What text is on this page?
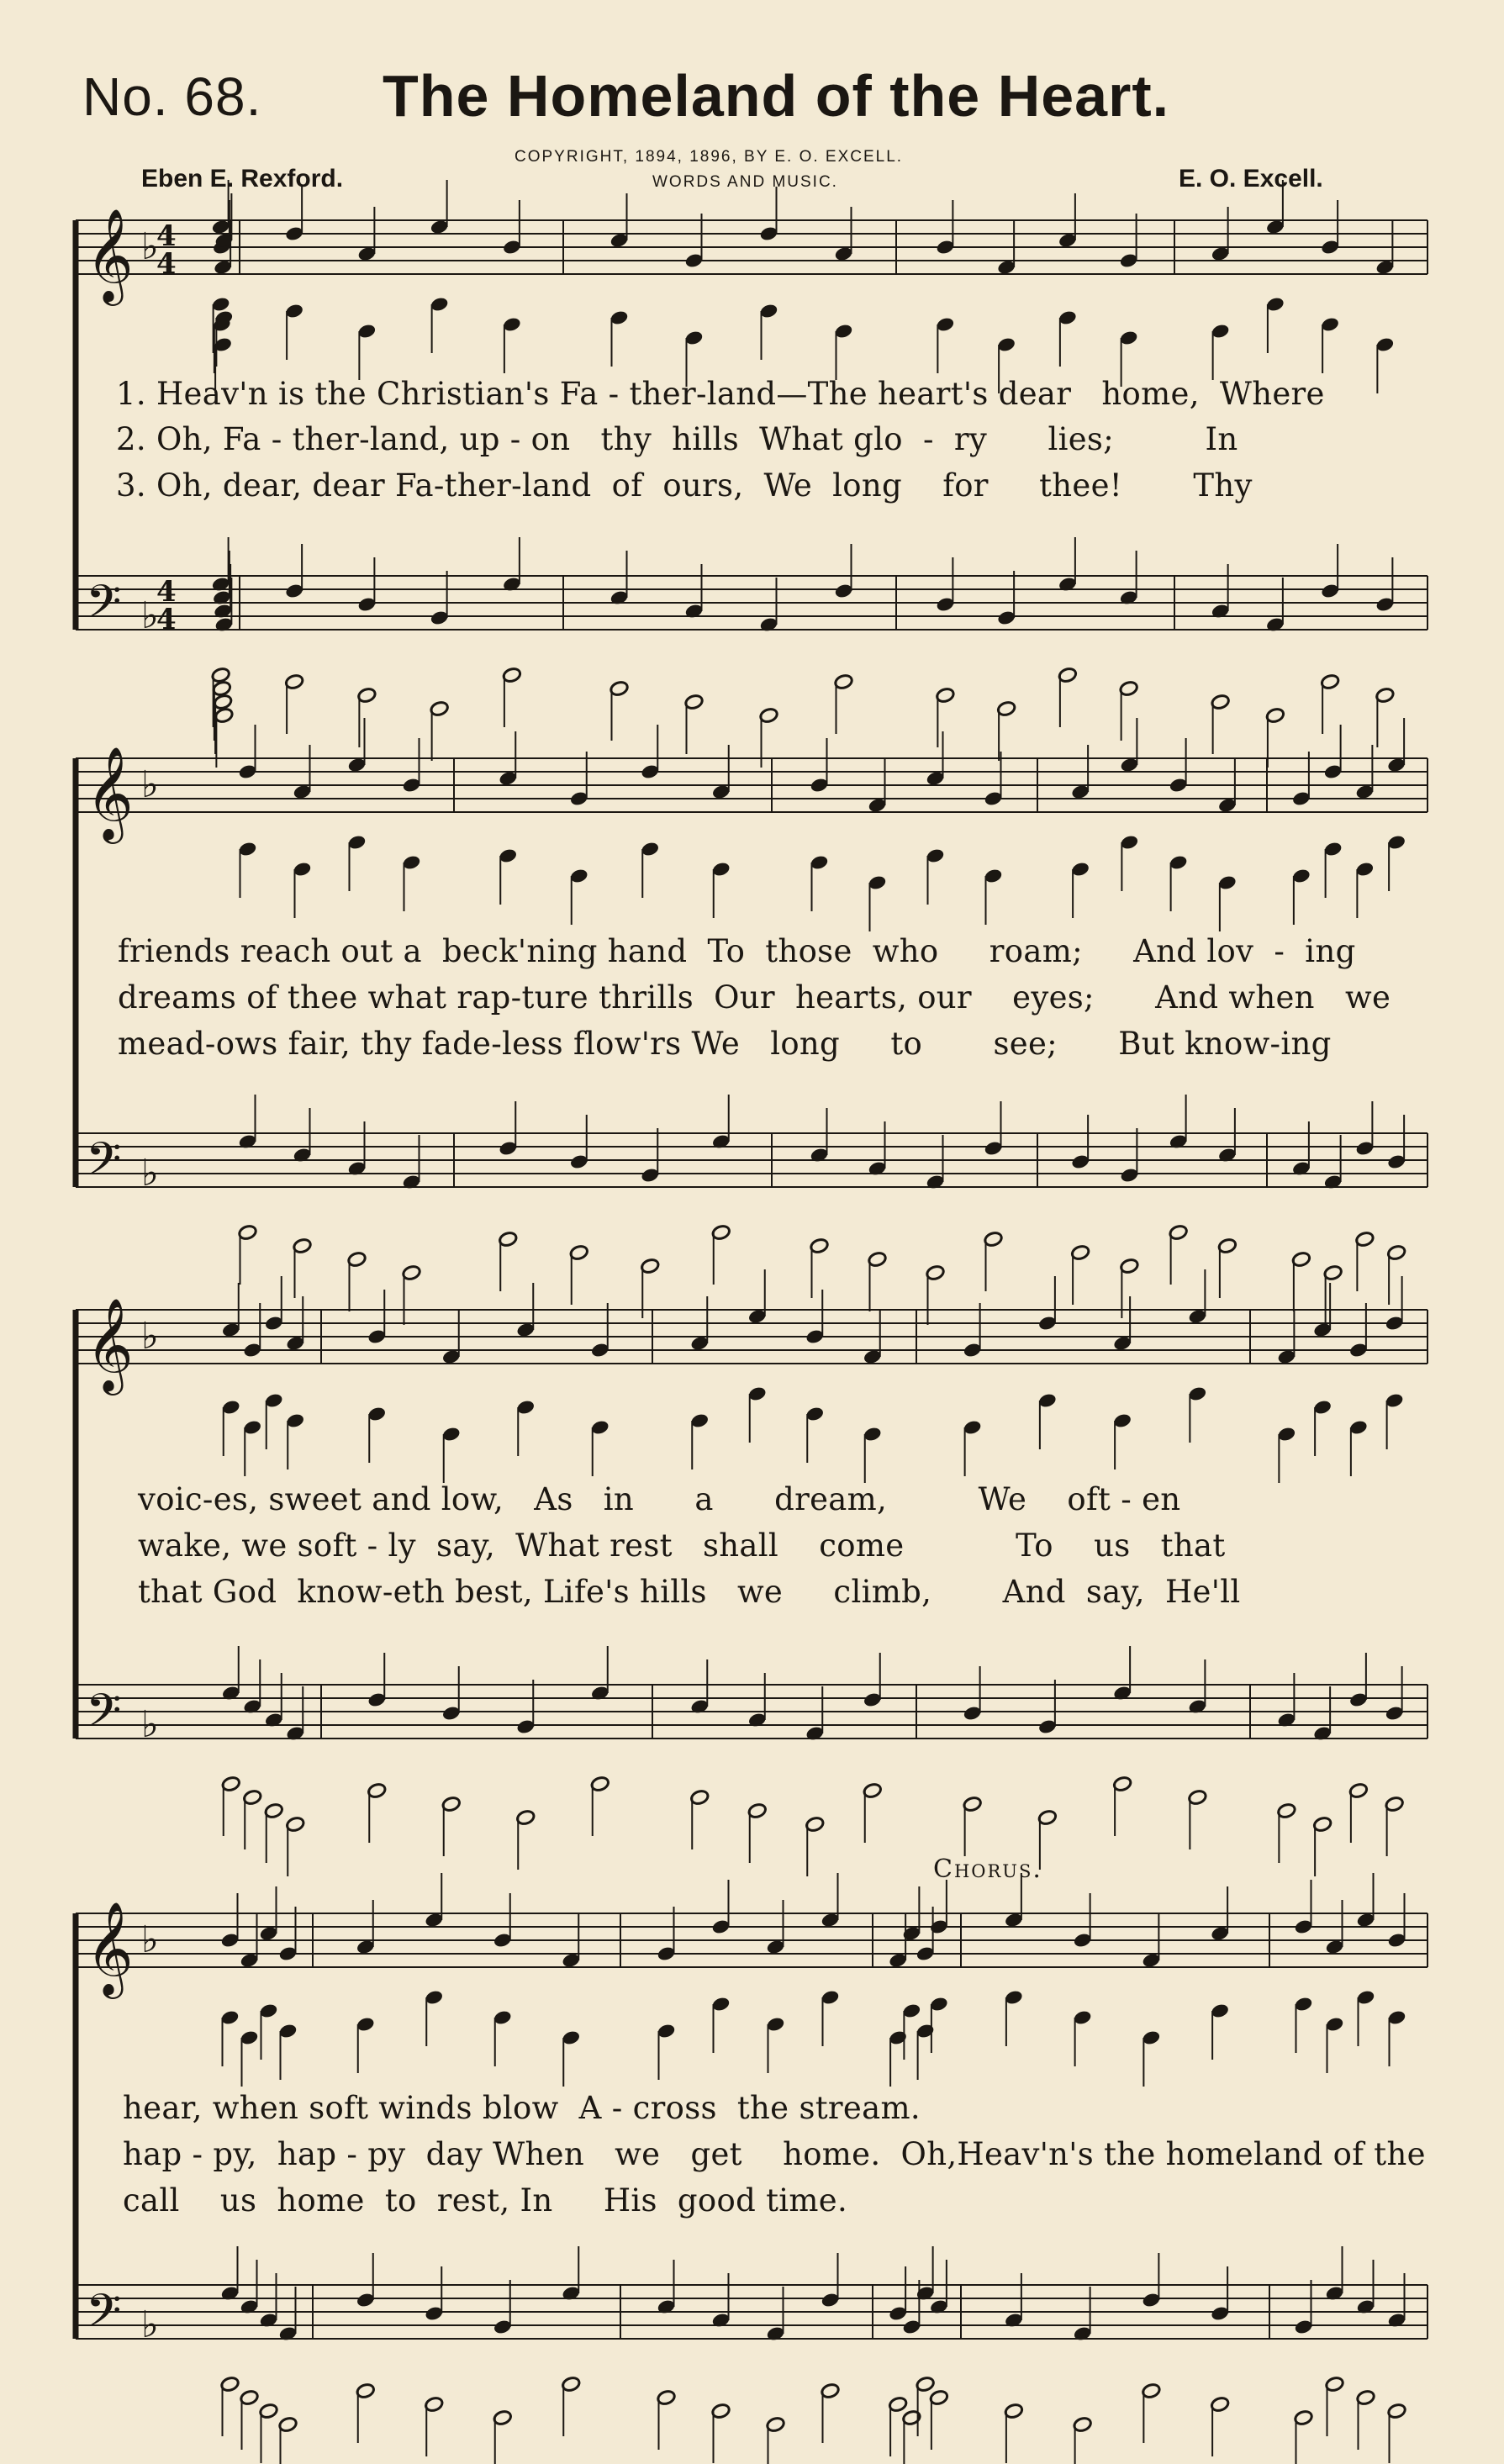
No. 68. The Homeland of the Heart.
COPYRIGHT, 1894, 1896, BY E. O. EXCELL.
WORDS AND MUSIC.
Eben E. Rexford.	E. O. Excell.
Chorus.
𝄞 ♭
𝄢 ♭
𝄞 ♭
𝄢 ♭
𝄞 ♭
𝄢 ♭
𝄞 ♭
𝄢 ♭
4
4
4
4
1. Heav'n is the Christian's Fa - ther-land—The heart's dear   home,  Where
2. Oh, Fa - ther-land, up - on   thy  hills  What glo  -  ry      lies;         In
3. Oh, dear, dear Fa-ther-land  of  ours,  We  long    for     thee!       Thy
friends reach out a  beck'ning hand  To  those  who     roam;     And lov  -  ing
dreams of thee what rap-ture thrills  Our  hearts, our    eyes;      And when   we
mead-ows fair, thy fade-less flow'rs We   long     to       see;      But know-ing
voic-es, sweet and low,   As   in      a      dream,         We    oft - en
wake, we soft - ly  say,  What rest   shall    come           To    us   that
that God  know-eth best, Life's hills   we     climb,       And  say,  He'll
hear, when soft winds blow  A - cross  the stream.
hap - py,  hap - py  day When   we   get    home.  Oh,Heav'n's the homeland of the
call    us  home  to  rest, In     His  good time.
